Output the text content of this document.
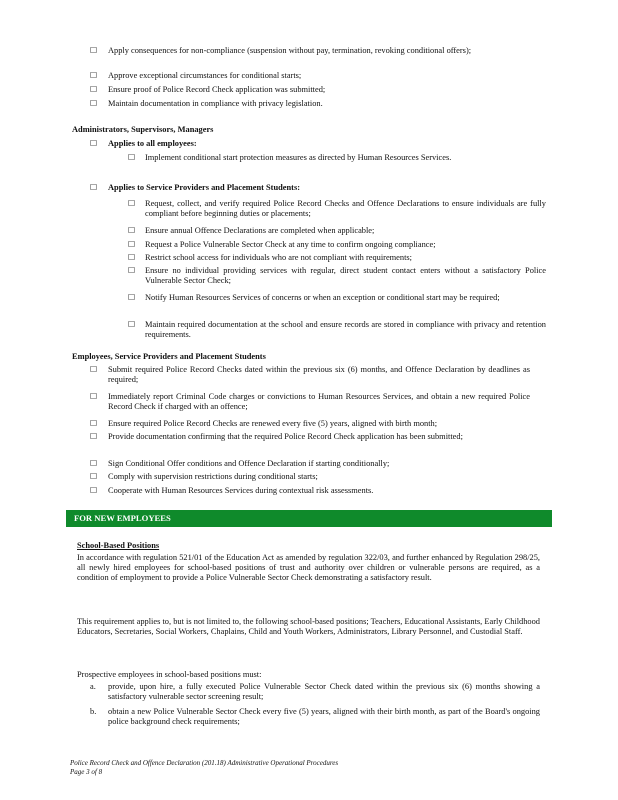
□	Apply consequences for non-compliance (suspension without pay, termination, revoking conditional offers);
□	Approve exceptional circumstances for conditional starts;
□	Ensure proof of Police Record Check application was submitted;
□	Maintain documentation in compliance with privacy legislation.
Administrators, Supervisors, Managers
□	Applies to all employees:
□	Implement conditional start protection measures as directed by Human Resources Services.
□	Applies to Service Providers and Placement Students:
□	Request, collect, and verify required Police Record Checks and Offence Declarations to ensure individuals are fully compliant before beginning duties or placements;
□	Ensure annual Offence Declarations are completed when applicable;
□	Request a Police Vulnerable Sector Check at any time to confirm ongoing compliance;
□	Restrict school access for individuals who are not compliant with requirements;
□	Ensure no individual providing services with regular, direct student contact enters without a satisfactory Police Vulnerable Sector Check;
□	Notify Human Resources Services of concerns or when an exception or conditional start may be required;
□	Maintain required documentation at the school and ensure records are stored in compliance with privacy and retention requirements.
Employees, Service Providers and Placement Students
□	Submit required Police Record Checks dated within the previous six (6) months, and Offence Declaration by deadlines as required;
□	Immediately report Criminal Code charges or convictions to Human Resources Services, and obtain a new required Police Record Check if charged with an offence;
□	Ensure required Police Record Checks are renewed every five (5) years, aligned with birth month;
□	Provide documentation confirming that the required Police Record Check application has been submitted;
□	Sign Conditional Offer conditions and Offence Declaration if starting conditionally;
□	Comply with supervision restrictions during conditional starts;
□	Cooperate with Human Resources Services during contextual risk assessments.
FOR NEW EMPLOYEES
School-Based Positions
In accordance with regulation 521/01 of the Education Act as amended by regulation 322/03, and further enhanced by Regulation 298/25, all newly hired employees for school-based positions of trust and authority over children or vulnerable persons are required, as a condition of employment to provide a Police Vulnerable Sector Check demonstrating a satisfactory result.
This requirement applies to, but is not limited to, the following school-based positions; Teachers, Educational Assistants, Early Childhood Educators, Secretaries, Social Workers, Chaplains, Child and Youth Workers, Administrators, Library Personnel, and Custodial Staff.
Prospective employees in school-based positions must:
a. provide, upon hire, a fully executed Police Vulnerable Sector Check dated within the previous six (6) months showing a satisfactory vulnerable sector screening result;
b. obtain a new Police Vulnerable Sector Check every five (5) years, aligned with their birth month, as part of the Board's ongoing police background check requirements;
Police Record Check and Offence Declaration (201.18) Administrative Operational Procedures
Page 3 of 8
